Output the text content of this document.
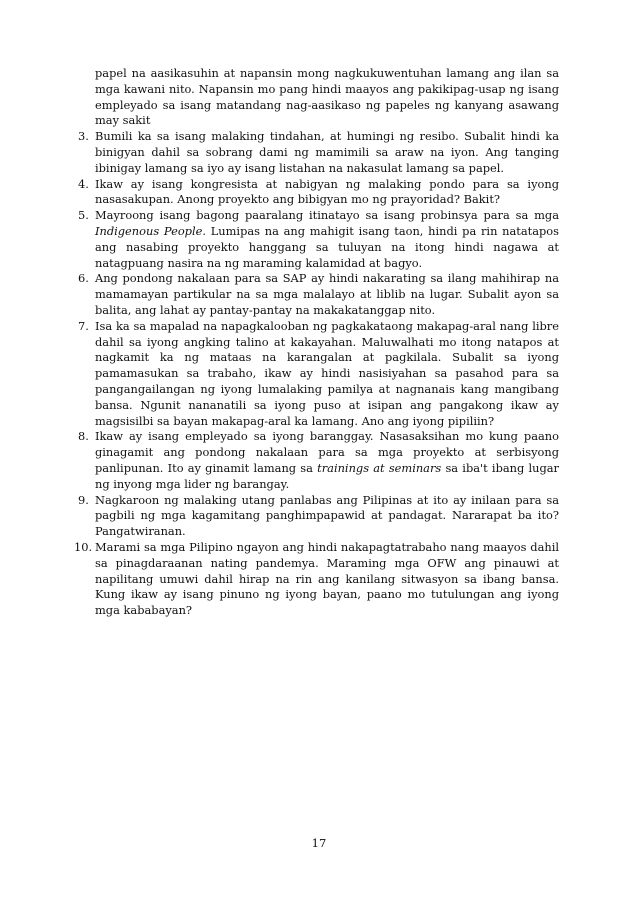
papel na aasikasuhin at napansin mong nagkukuwentuhan lamang ang ilan sa mga kawani nito. Napansin mo pang hindi maayos ang pakikipag-usap ng isang empleyado sa isang matandang nag-aasikaso ng papeles ng kanyang asawang may sakit

3. Bumili ka sa isang malaking tindahan, at humingi ng resibo. Subalit hindi ka binigyan dahil sa sobrang dami ng mamimili sa araw na iyon. Ang tanging ibinigay lamang sa iyo ay isang listahan na nakasulat lamang sa papel.
4. Ikaw ay isang kongresista at nabigyan ng malaking pondo para sa iyong nasasakupan. Anong proyekto ang bibigyan mo ng prayoridad? Bakit?
5. Mayroong isang bagong paaralang itinatayo sa isang probinsya para sa mga Indigenous People. Lumipas na ang mahigit isang taon, hindi pa rin natatapos ang nasabing proyekto hanggang sa tuluyan na itong hindi nagawa at natagpuang nasira na ng maraming kalamidad at bagyo.
6. Ang pondong nakalaan para sa SAP ay hindi nakarating sa ilang mahihirap na mamamayan partikular na sa mga malalayo at liblib na lugar. Subalit ayon sa balita, ang lahat ay pantay-pantay na makakatanggap nito.
7. Isa ka sa mapalad na napagkalooban ng pagkakataong makapag-aral nang libre dahil sa iyong angking talino at kakayahan. Maluwalhati mo itong natapos at nagkamit ka ng mataas na karangalan at pagkilala. Subalit sa iyong pamamasukan sa trabaho, ikaw ay hindi nasisiyahan sa pasahod para sa pangangailangan ng iyong lumalaking pamilya at nagnanais kang mangibang bansa. Ngunit nananatili sa iyong puso at isipan ang pangakong ikaw ay magsisilbi sa bayan makapag-aral ka lamang. Ano ang iyong pipiliin?
8. Ikaw ay isang empleyado sa iyong baranggay. Nasasaksihan mo kung paano ginagamit ang pondong nakalaan para sa mga proyekto at serbisyong panlipunan. Ito ay ginamit lamang sa trainings at seminars sa iba't ibang lugar ng inyong mga lider ng barangay.
9. Nagkaroon ng malaking utang panlabas ang Pilipinas at ito ay inilaan para sa pagbili ng mga kagamitang panghimpapawid at pandagat. Nararapat ba ito? Pangatwiranan.
10. Marami sa mga Pilipino ngayon ang hindi nakapagtatrabaho nang maayos dahil sa pinagdaraanan nating pandemya. Maraming mga OFW ang pinauwi at napilitang umuwi dahil hirap na rin ang kanilang sitwasyon sa ibang bansa. Kung ikaw ay isang pinuno ng iyong bayan, paano mo tutulungan ang iyong mga kababayan?
17
